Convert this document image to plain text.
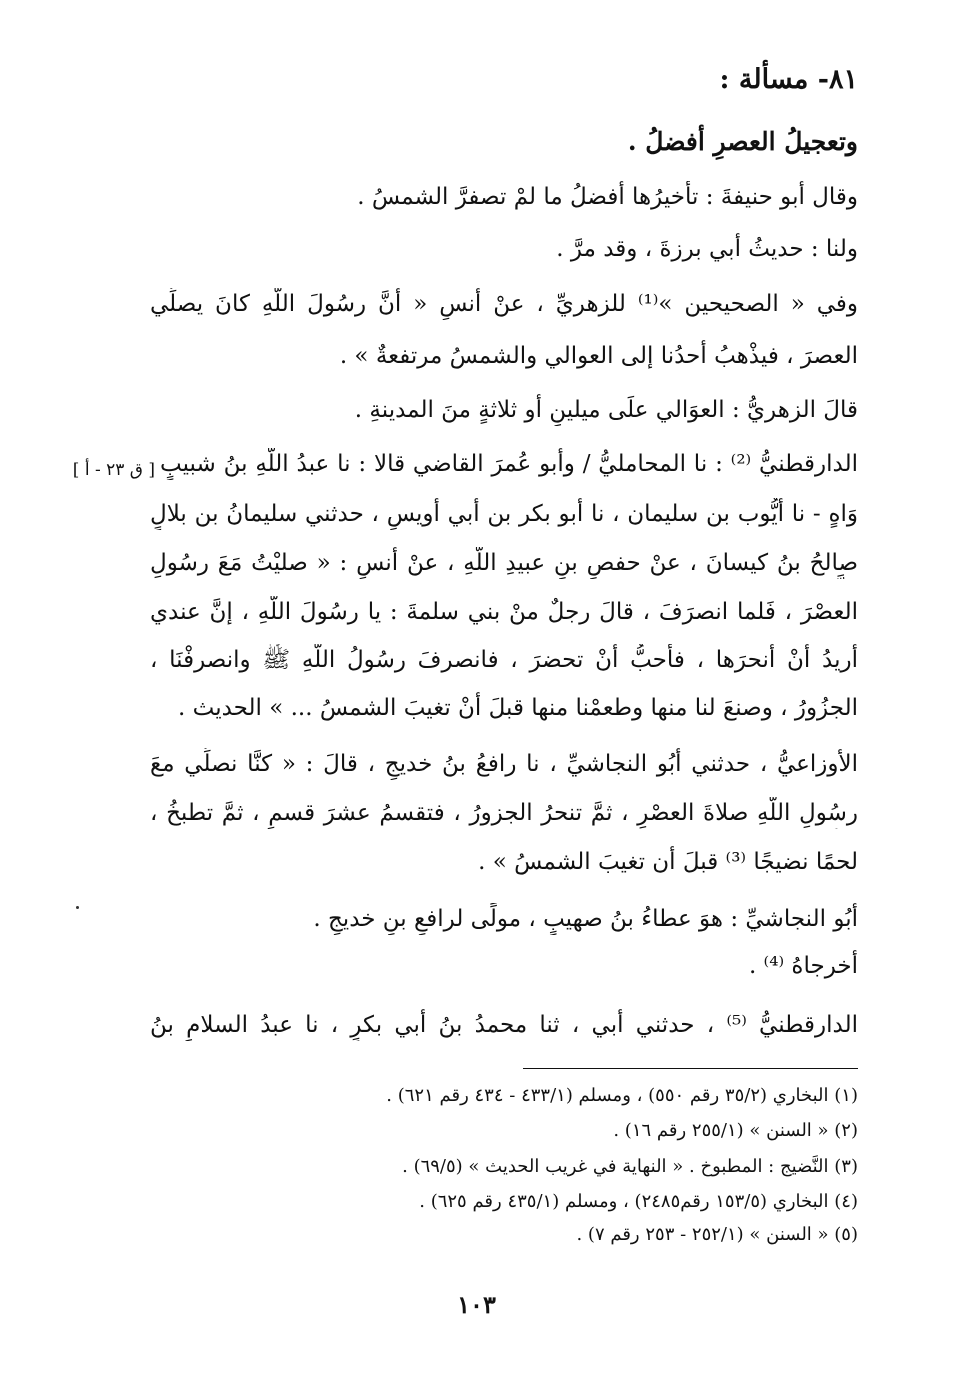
٨١- مسألة :
وتعجيلُ العصرِ أفضلُ .
وقال أبو حنيفةَ : تأْخيرُها أفضلُ ما لمْ تصفرَّ الشمسُ .
ولنا : حديثُ أبي برزةَ ، وقد مرَّ .
وفي « الصحيحين »⁽¹⁾ للزهريِّ ، عنْ أنسٍ « أنَّ رسُولَ اللَّهِ كانَ يصلِّي
العصرَ ، فيذْهبُ أحدُنا إلى العوالي والشمسُ مرتفعةٌ » .
قالَ الزهريُّ : العوَالي علَى ميلينِ أو ثلاثةٍ منَ المدينةِ .
الدارقطنيُّ ⁽²⁾ : نا المحامليُّ / وأبو عُمرَ القاضي قالا : نا عبدُ اللَّهِ بنُ شبيبٍ
[ ق ٢٣ - أ ]
وَاهٍ - نا أيُّوب بن سليمان ، نا أبو بكر بن أبي أويسٍ ، حدثني سليمانُ بن بلالٍ
صالحُ بنُ كيسانَ ، عنْ حفصِ بنِ عبيدِ اللَّهِ ، عنْ أنسٍ : « صليْتُ مَعَ رسُولِ
العصْرَ ، فَلما انصرَفَ ، قالَ رجلٌ منْ بني سلمةَ : يا رسُولَ اللَّهِ ، إنَّ عندي
أُريدُ أنْ أنحرَها ، فأُحبُّ أنْ تحضرَ ، فانصرفَ رسُولُ اللَّهِ ﷺ وانصرفْنَا ،
الجزُورُ ، وصنعَ لنا منها وطعمْنا منها قبلَ أنْ تغيبَ الشمسُ ... » الحديث .
الأوزاعيُّ ، حدثني أبُو النجاشيِّ ، نا رافعُ بنُ خديجٍ ، قالَ : « كنَّا نصلِّي معَ
رسُولِ اللَّهِ صلاةَ العصْرِ ، ثمَّ تنحرُ الجزورُ ، فتقسمُ عشرَ قسمٍ ، ثمَّ تطبخُ ،
لحمًا نضيجًا ⁽³⁾ قبلَ أن تغيبَ الشمسُ » .
أبُو النجاشيِّ : هوَ عطاءُ بنُ صهيبٍ ، مولًى لرافعِ بنِ خديجٍ .
أخرجاهُ ⁽⁴⁾ .
الدارقطنيُّ ⁽⁵⁾ ، حدثني أبي ، ثنا محمدُ بنُ أبي بكرٍ ، نا عبدُ السلامِ بنُ
(١) البخاري (٣٥/٢ رقم ٥٥٠) ، ومسلم (٤٣٣/١ - ٤٣٤ رقم ٦٢١) .
(٢) « السنن » (٢٥٥/١ رقم ١٦) .
(٣) النَّضيج : المطبوخ . « النهاية في غريب الحديث » (٦٩/٥) .
(٤) البخاري (١٥٣/٥ رقم٢٤٨٥) ، ومسلم (٤٣٥/١ رقم ٦٢٥) .
(٥) « السنن » (٢٥٢/١ - ٢٥٣ رقم ٧) .
١٠٣
